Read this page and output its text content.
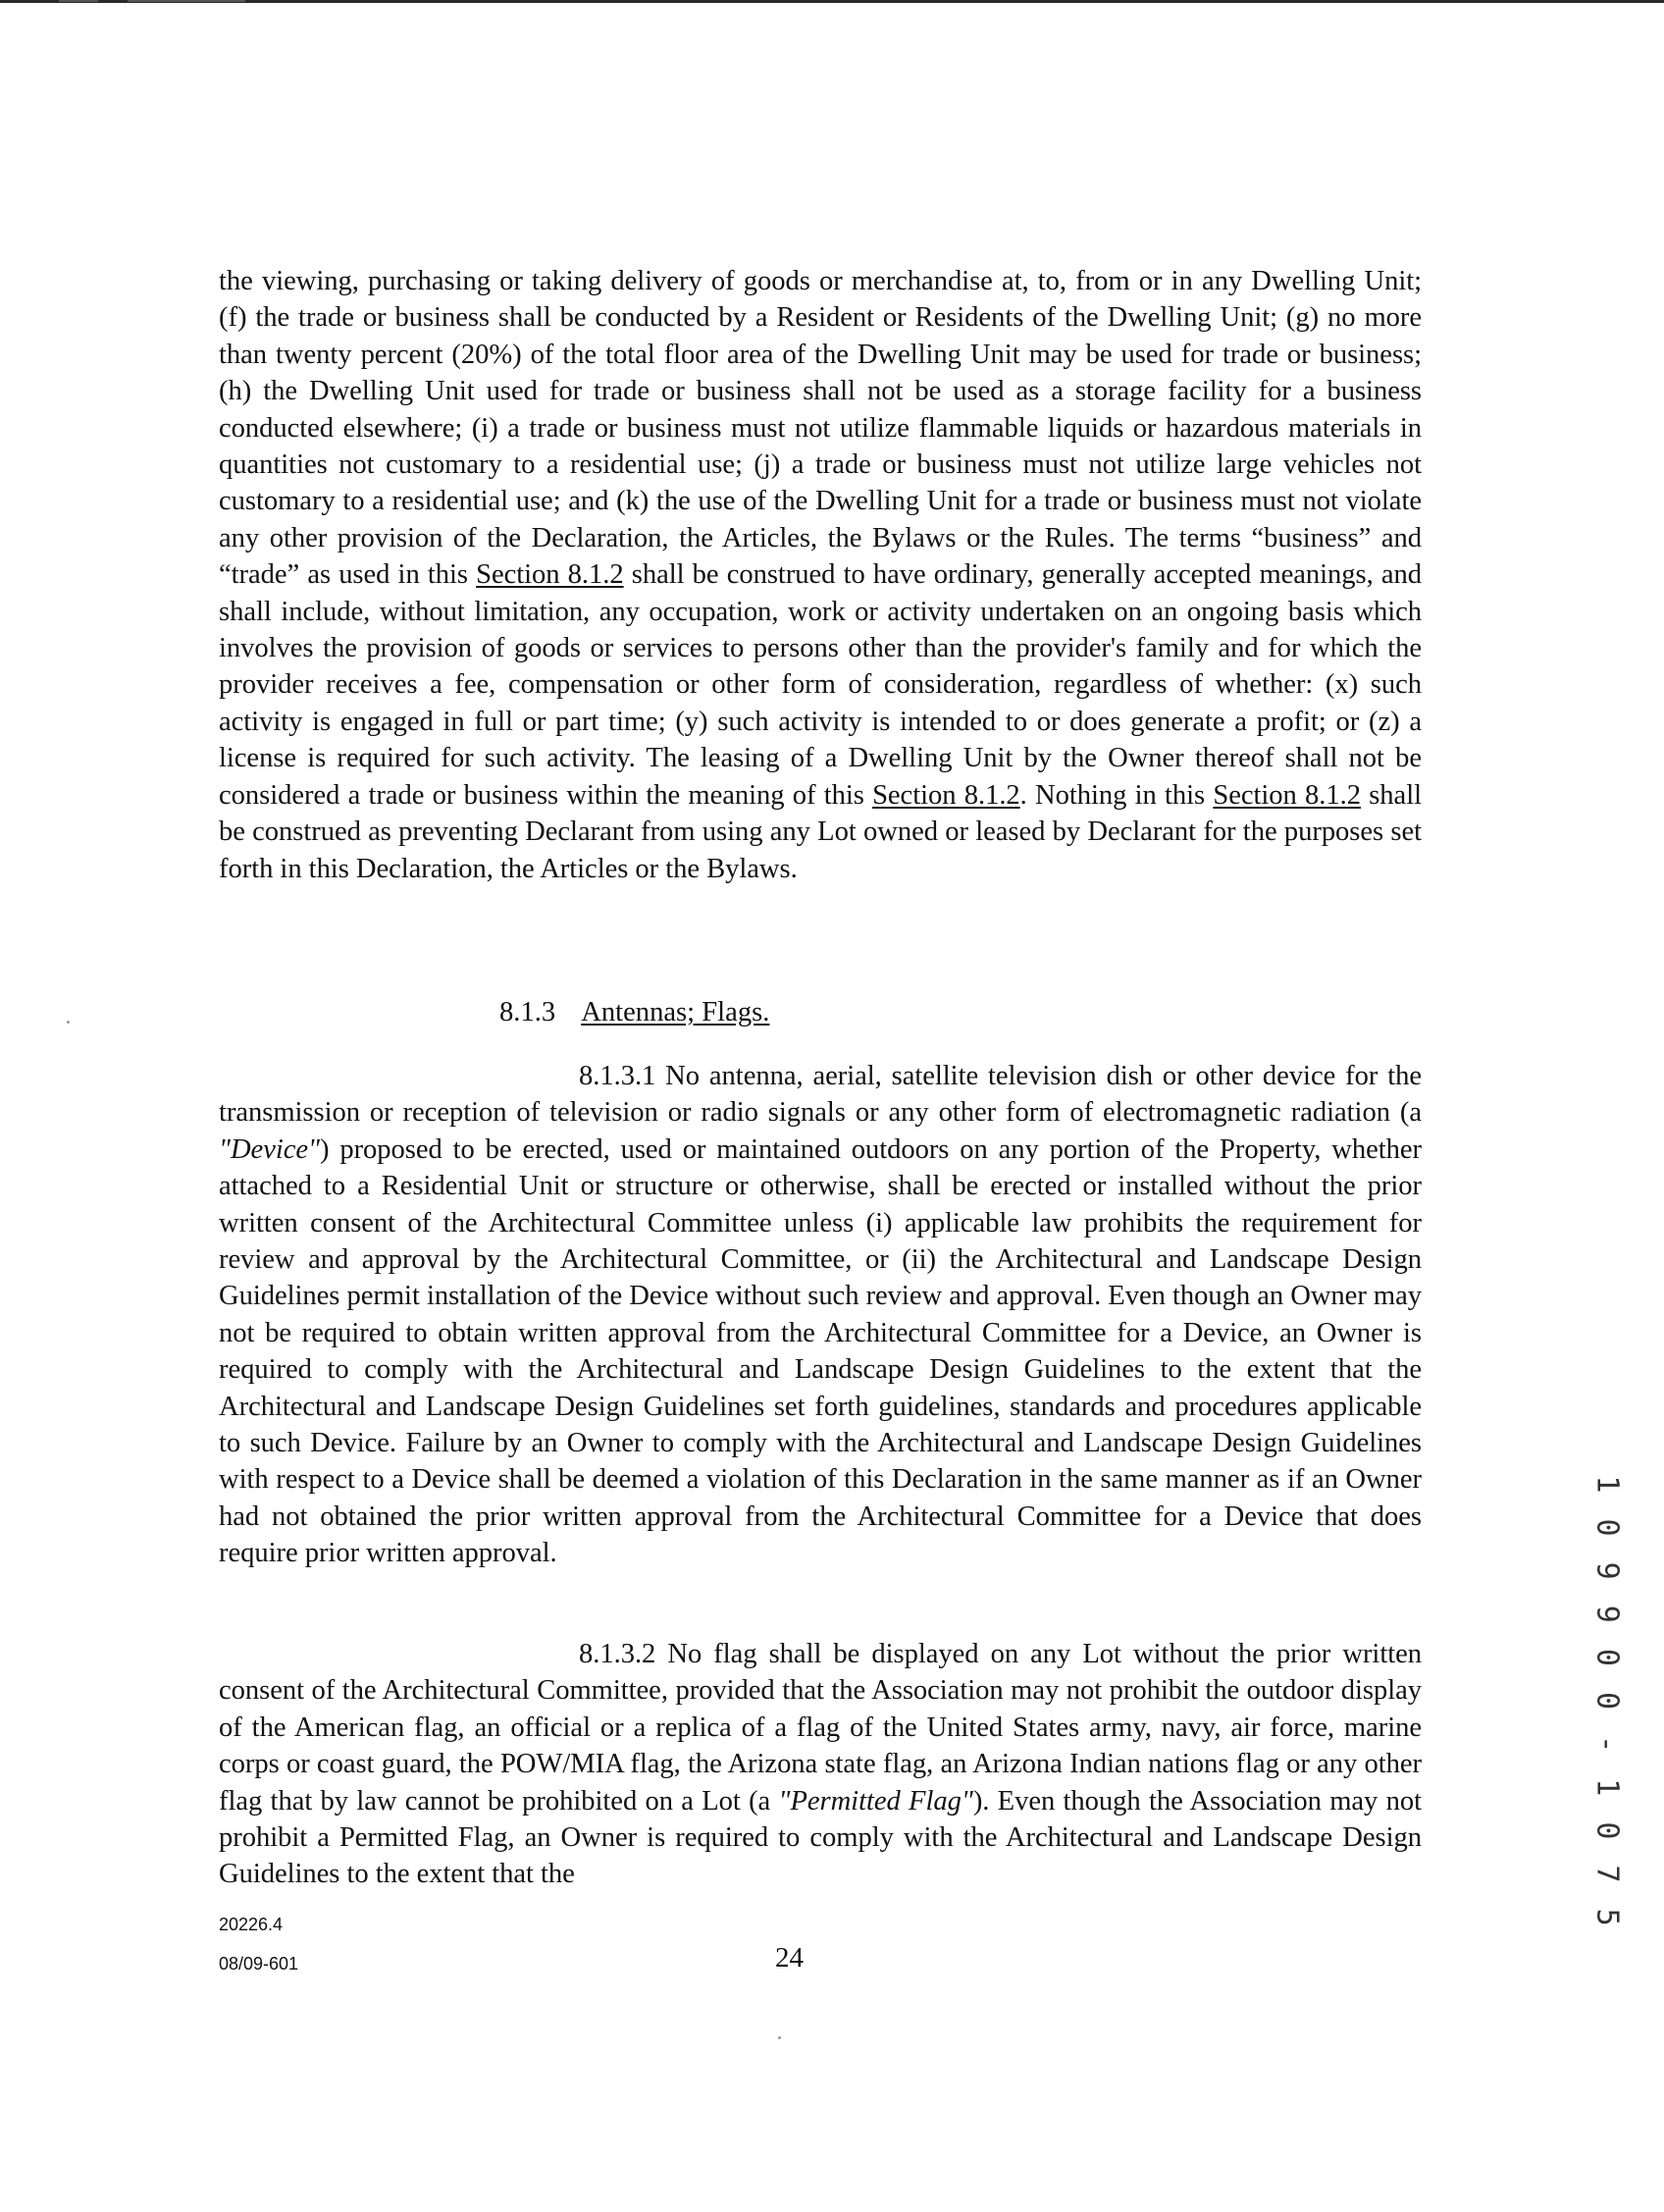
the viewing, purchasing or taking delivery of goods or merchandise at, to, from or in any Dwelling Unit; (f) the trade or business shall be conducted by a Resident or Residents of the Dwelling Unit; (g) no more than twenty percent (20%) of the total floor area of the Dwelling Unit may be used for trade or business; (h) the Dwelling Unit used for trade or business shall not be used as a storage facility for a business conducted elsewhere; (i) a trade or business must not utilize flammable liquids or hazardous materials in quantities not customary to a residential use; (j) a trade or business must not utilize large vehicles not customary to a residential use; and (k) the use of the Dwelling Unit for a trade or business must not violate any other provision of the Declaration, the Articles, the Bylaws or the Rules. The terms “business” and “trade” as used in this Section 8.1.2 shall be construed to have ordinary, generally accepted meanings, and shall include, without limitation, any occupation, work or activity undertaken on an ongoing basis which involves the provision of goods or services to persons other than the provider's family and for which the provider receives a fee, compensation or other form of consideration, regardless of whether: (x) such activity is engaged in full or part time; (y) such activity is intended to or does generate a profit; or (z) a license is required for such activity. The leasing of a Dwelling Unit by the Owner thereof shall not be considered a trade or business within the meaning of this Section 8.1.2. Nothing in this Section 8.1.2 shall be construed as preventing Declarant from using any Lot owned or leased by Declarant for the purposes set forth in this Declaration, the Articles or the Bylaws.
8.1.3 Antennas; Flags.
8.1.3.1 No antenna, aerial, satellite television dish or other device for the transmission or reception of television or radio signals or any other form of electromagnetic radiation (a "Device") proposed to be erected, used or maintained outdoors on any portion of the Property, whether attached to a Residential Unit or structure or otherwise, shall be erected or installed without the prior written consent of the Architectural Committee unless (i) applicable law prohibits the requirement for review and approval by the Architectural Committee, or (ii) the Architectural and Landscape Design Guidelines permit installation of the Device without such review and approval. Even though an Owner may not be required to obtain written approval from the Architectural Committee for a Device, an Owner is required to comply with the Architectural and Landscape Design Guidelines to the extent that the Architectural and Landscape Design Guidelines set forth guidelines, standards and procedures applicable to such Device. Failure by an Owner to comply with the Architectural and Landscape Design Guidelines with respect to a Device shall be deemed a violation of this Declaration in the same manner as if an Owner had not obtained the prior written approval from the Architectural Committee for a Device that does require prior written approval.
8.1.3.2 No flag shall be displayed on any Lot without the prior written consent of the Architectural Committee, provided that the Association may not prohibit the outdoor display of the American flag, an official or a replica of a flag of the United States army, navy, air force, marine corps or coast guard, the POW/MIA flag, the Arizona state flag, an Arizona Indian nations flag or any other flag that by law cannot be prohibited on a Lot (a "Permitted Flag"). Even though the Association may not prohibit a Permitted Flag, an Owner is required to comply with the Architectural and Landscape Design Guidelines to the extent that the
20226.4
08/09-601	24
1 0 9 9 0 0 - 1 0 7 5
